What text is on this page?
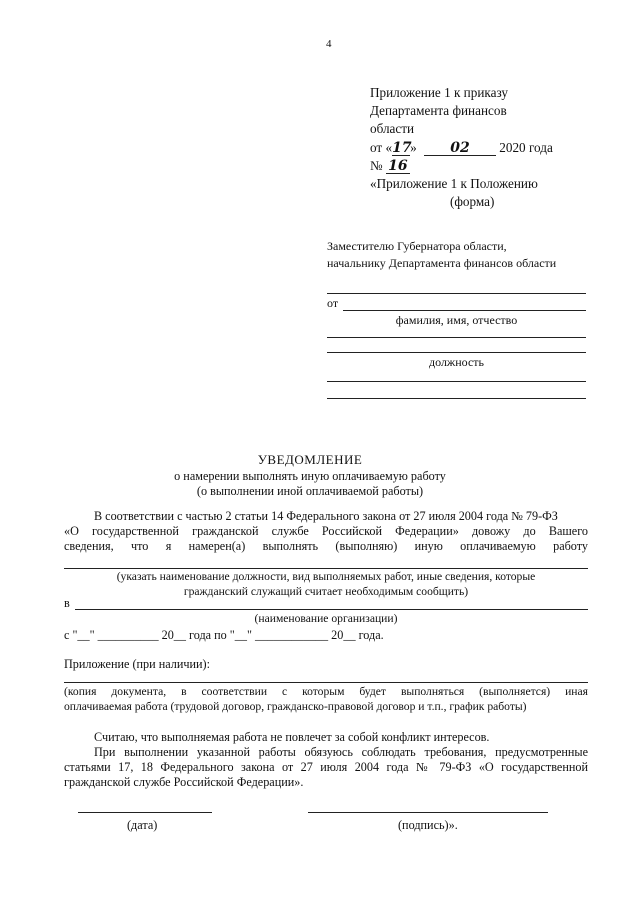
4
Приложение 1 к приказу
Департамента финансов
области
от «17» 02 2020 года
№ 16
«Приложение 1 к Положению
(форма)
Заместителю Губернатора области,
начальнику Департамента финансов области
от
фамилия, имя, отчество
должность
УВЕДОМЛЕНИЕ
о намерении выполнять иную оплачиваемую работу
(о выполнении иной оплачиваемой работы)
В соответствии с частью 2 статьи 14 Федерального закона от 27 июля 2004 года № 79-ФЗ
«О государственной гражданской службе Российской Федерации» довожу до Вашего
сведения, что я намерен(а) выполнять (выполняю) иную оплачиваемую работу
(указать наименование должности, вид выполняемых работ, иные сведения, которые
гражданский служащий считает необходимым сообщить)
в
(наименование организации)
с "__" __________ 20__ года по "__" ____________ 20__ года.
Приложение (при наличии):
(копия документа, в соответствии с которым будет выполняться (выполняется) иная
оплачиваемая работа (трудовой договор, гражданско-правовой договор и т.п., график работы)
Считаю, что выполняемая работа не повлечет за собой конфликт интересов.
При выполнении указанной работы обязуюсь соблюдать требования, предусмотренные
статьями 17, 18 Федерального закона от 27 июля 2004 года № 79-ФЗ «О государственной
гражданской службе Российской Федерации».
(дата)	(подпись)».
